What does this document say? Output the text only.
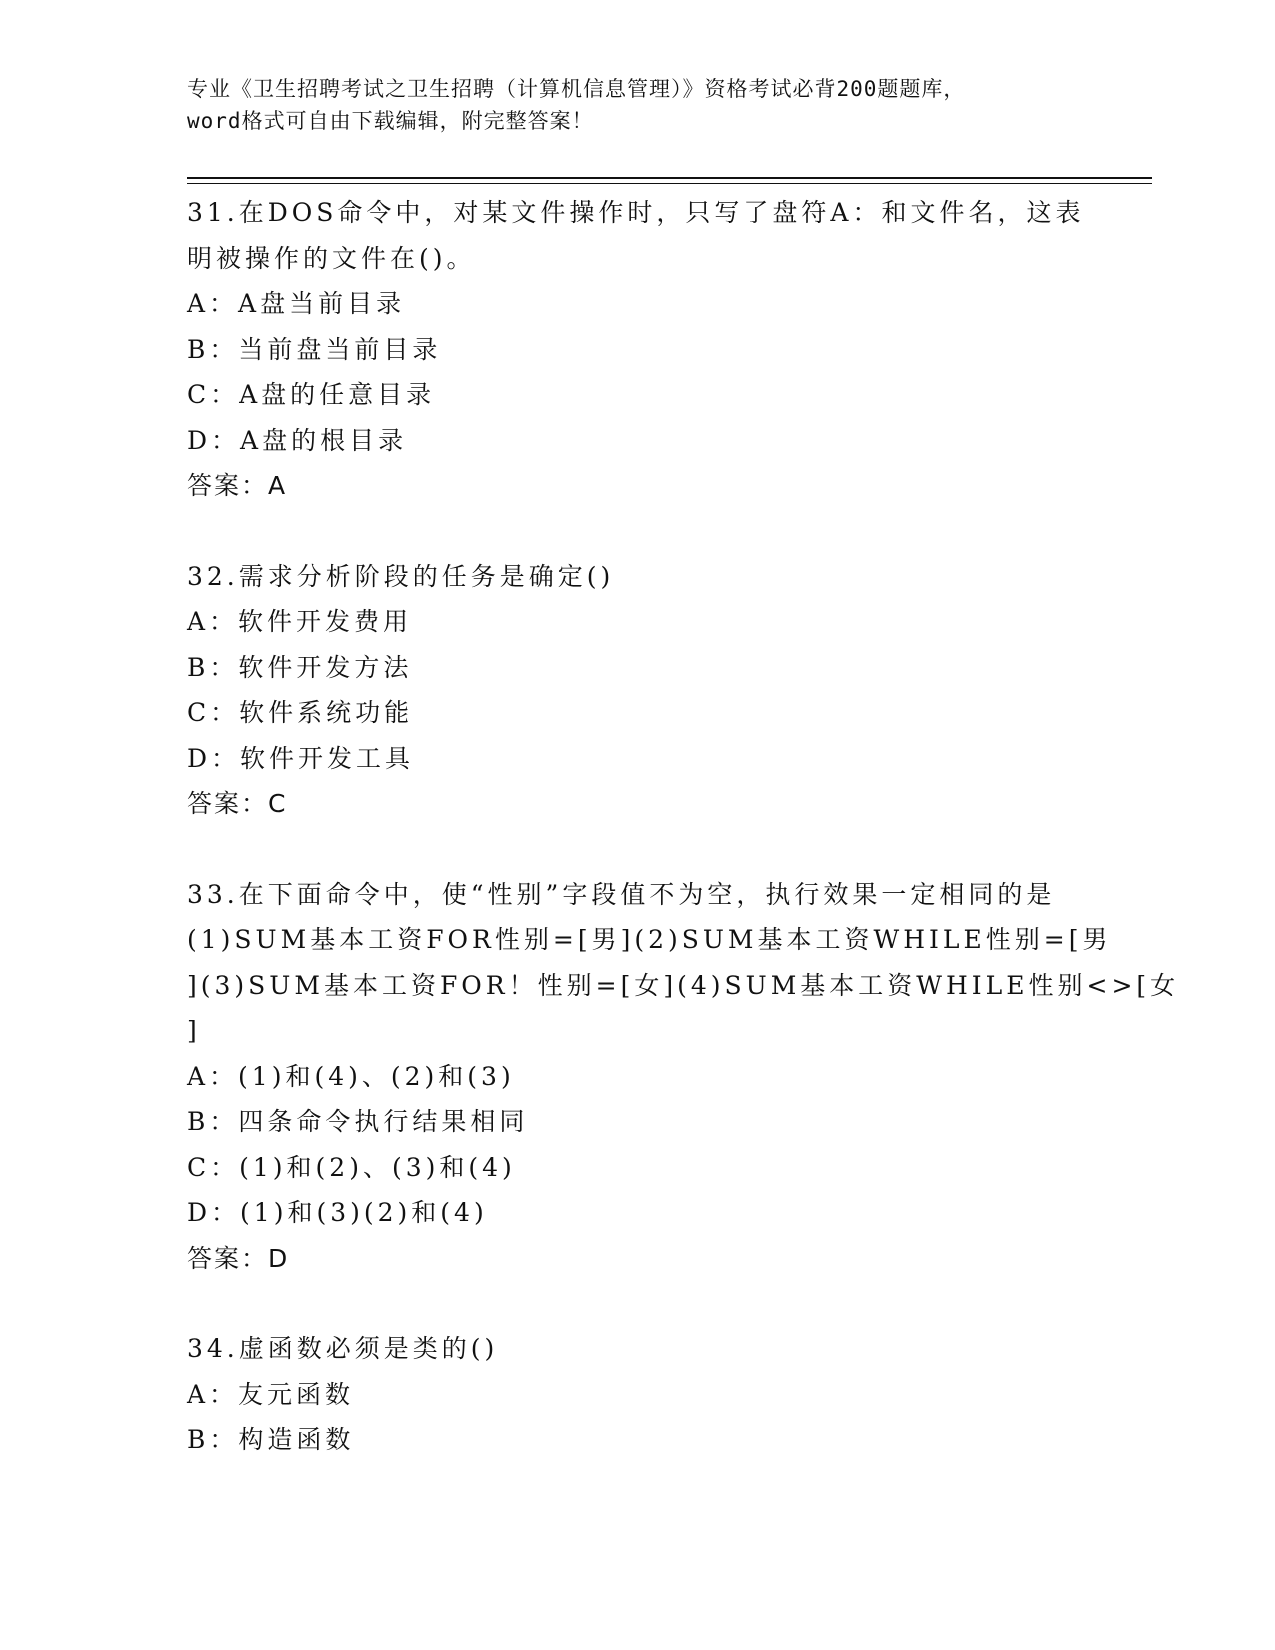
专业《卫生招聘考试之卫生招聘（计算机信息管理）》资格考试必背200题题库，
word格式可自由下载编辑，附完整答案！
31.在DOS命令中，对某文件操作时，只写了盘符A：和文件名，这表
明被操作的文件在()。
A：A盘当前目录
B：当前盘当前目录
C：A盘的任意目录
D：A盘的根目录
答案：A
32.需求分析阶段的任务是确定()
A：软件开发费用
B：软件开发方法
C：软件系统功能
D：软件开发工具
答案：C
33.在下面命令中，使“性别”字段值不为空，执行效果一定相同的是
(1)SUM基本工资FOR性别=[男](2)SUM基本工资WHILE性别=[男
](3)SUM基本工资FOR！性别=[女](4)SUM基本工资WHILE性别<>[女
]
A：(1)和(4)、(2)和(3)
B：四条命令执行结果相同
C：(1)和(2)、(3)和(4)
D：(1)和(3)(2)和(4)
答案：D
34.虚函数必须是类的()
A：友元函数
B：构造函数
